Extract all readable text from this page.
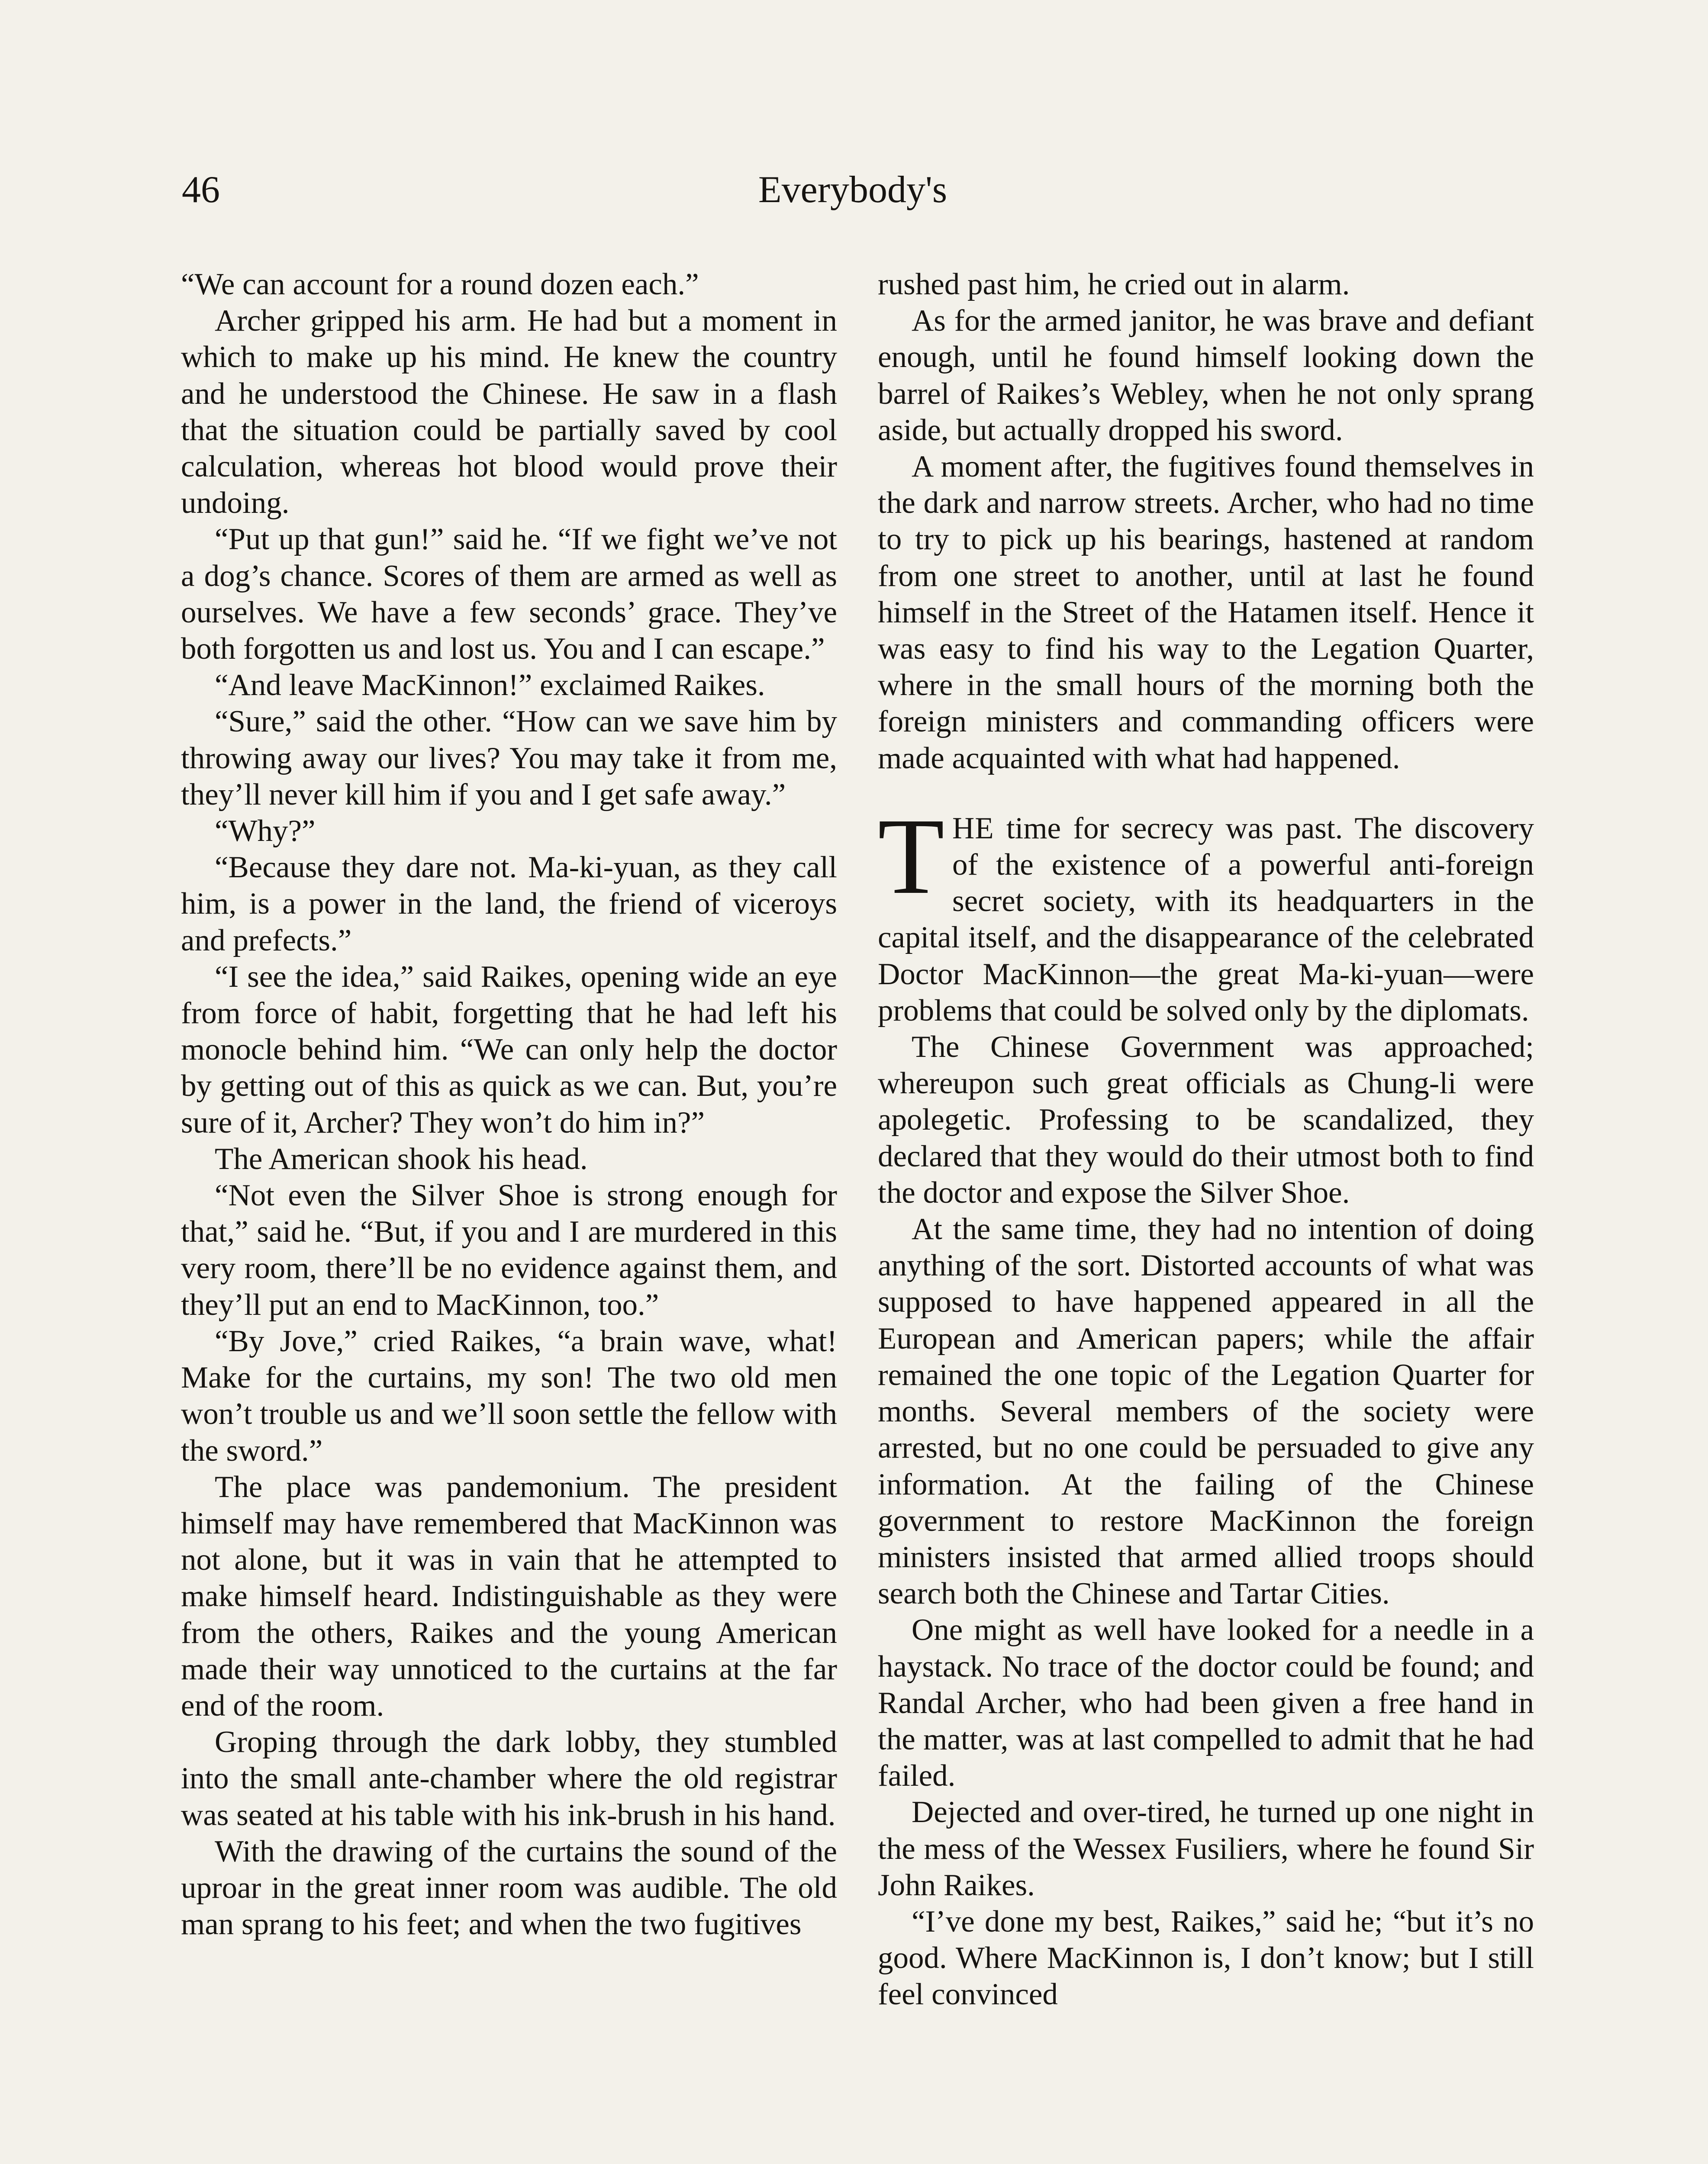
46	Everybody's

“We can account for a round dozen each.”

Archer gripped his arm. He had but a moment in which to make up his mind. He knew the country and he understood the Chinese. He saw in a flash that the situation could be partially saved by cool calculation, whereas hot blood would prove their undoing.

“Put up that gun!” said he. “If we fight we’ve not a dog’s chance. Scores of them are armed as well as ourselves. We have a few seconds’ grace. They’ve both forgotten us and lost us. You and I can escape.”

“And leave MacKinnon!” exclaimed Raikes.

“Sure,” said the other. “How can we save him by throwing away our lives? You may take it from me, they’ll never kill him if you and I get safe away.”

“Why?”

“Because they dare not. Ma-ki-yuan, as they call him, is a power in the land, the friend of viceroys and prefects.”

“I see the idea,” said Raikes, opening wide an eye from force of habit, forgetting that he had left his monocle behind him. “We can only help the doctor by getting out of this as quick as we can. But, you’re sure of it, Archer? They won’t do him in?”

The American shook his head.

“Not even the Silver Shoe is strong enough for that,” said he. “But, if you and I are murdered in this very room, there’ll be no evidence against them, and they’ll put an end to MacKinnon, too.”

“By Jove,” cried Raikes, “a brain wave, what! Make for the curtains, my son! The two old men won’t trouble us and we’ll soon settle the fellow with the sword.”

The place was pandemonium. The president himself may have remembered that MacKinnon was not alone, but it was in vain that he attempted to make himself heard. Indistinguishable as they were from the others, Raikes and the young American made their way unnoticed to the curtains at the far end of the room.

Groping through the dark lobby, they stumbled into the small ante-chamber where the old registrar was seated at his table with his ink-brush in his hand.

With the drawing of the curtains the sound of the uproar in the great inner room was audible. The old man sprang to his feet; and when the two fugitives

rushed past him, he cried out in alarm.

As for the armed janitor, he was brave and defiant enough, until he found himself looking down the barrel of Raikes’s Webley, when he not only sprang aside, but actually dropped his sword.

A moment after, the fugitives found themselves in the dark and narrow streets. Archer, who had no time to try to pick up his bearings, hastened at random from one street to another, until at last he found himself in the Street of the Hatamen itself. Hence it was easy to find his way to the Legation Quarter, where in the small hours of the morning both the foreign ministers and commanding officers were made acquainted with what had happened.

THE time for secrecy was past. The discovery of the existence of a powerful anti-foreign secret society, with its headquarters in the capital itself, and the disappearance of the celebrated Doctor MacKinnon—the great Ma-ki-yuan—were problems that could be solved only by the diplomats.

The Chinese Government was approached; whereupon such great officials as Chung-li were apolegetic. Professing to be scandalized, they declared that they would do their utmost both to find the doctor and expose the Silver Shoe.

At the same time, they had no intention of doing anything of the sort. Distorted accounts of what was supposed to have happened appeared in all the European and American papers; while the affair remained the one topic of the Legation Quarter for months. Several members of the society were arrested, but no one could be persuaded to give any information. At the failing of the Chinese government to restore MacKinnon the foreign ministers insisted that armed allied troops should search both the Chinese and Tartar Cities.

One might as well have looked for a needle in a haystack. No trace of the doctor could be found; and Randal Archer, who had been given a free hand in the matter, was at last compelled to admit that he had failed.

Dejected and over-tired, he turned up one night in the mess of the Wessex Fusiliers, where he found Sir John Raikes.

“I’ve done my best, Raikes,” said he; “but it’s no good. Where MacKinnon is, I don’t know; but I still feel convinced
